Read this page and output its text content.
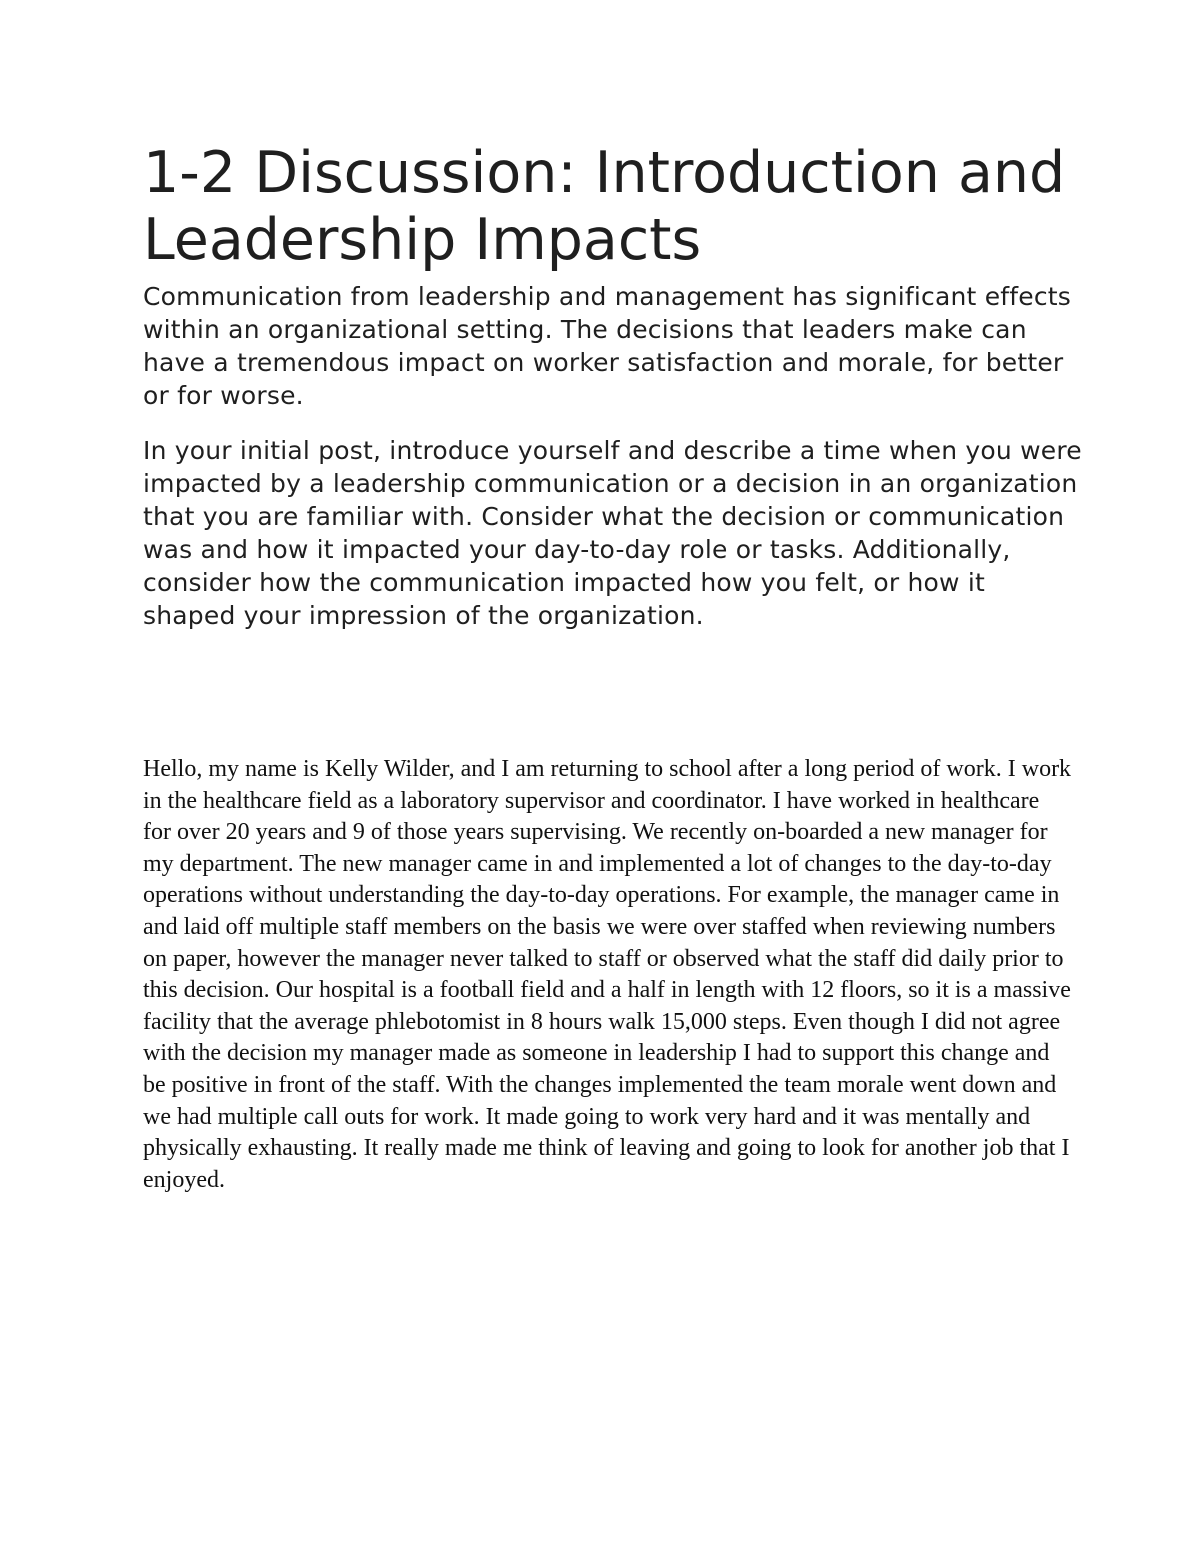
1-2 Discussion: Introduction and Leadership Impacts

Communication from leadership and management has significant effects within an organizational setting. The decisions that leaders make can have a tremendous impact on worker satisfaction and morale, for better or for worse.

In your initial post, introduce yourself and describe a time when you were impacted by a leadership communication or a decision in an organization that you are familiar with. Consider what the decision or communication was and how it impacted your day-to-day role or tasks. Additionally, consider how the communication impacted how you felt, or how it shaped your impression of the organization.

Hello, my name is Kelly Wilder, and I am returning to school after a long period of work. I work in the healthcare field as a laboratory supervisor and coordinator. I have worked in healthcare for over 20 years and 9 of those years supervising. We recently on-boarded a new manager for my department. The new manager came in and implemented a lot of changes to the day-to-day operations without understanding the day-to-day operations. For example, the manager came in and laid off multiple staff members on the basis we were over staffed when reviewing numbers on paper, however the manager never talked to staff or observed what the staff did daily prior to this decision. Our hospital is a football field and a half in length with 12 floors, so it is a massive facility that the average phlebotomist in 8 hours walk 15,000 steps. Even though I did not agree with the decision my manager made as someone in leadership I had to support this change and be positive in front of the staff. With the changes implemented the team morale went down and we had multiple call outs for work. It made going to work very hard and it was mentally and physically exhausting. It really made me think of leaving and going to look for another job that I enjoyed.
